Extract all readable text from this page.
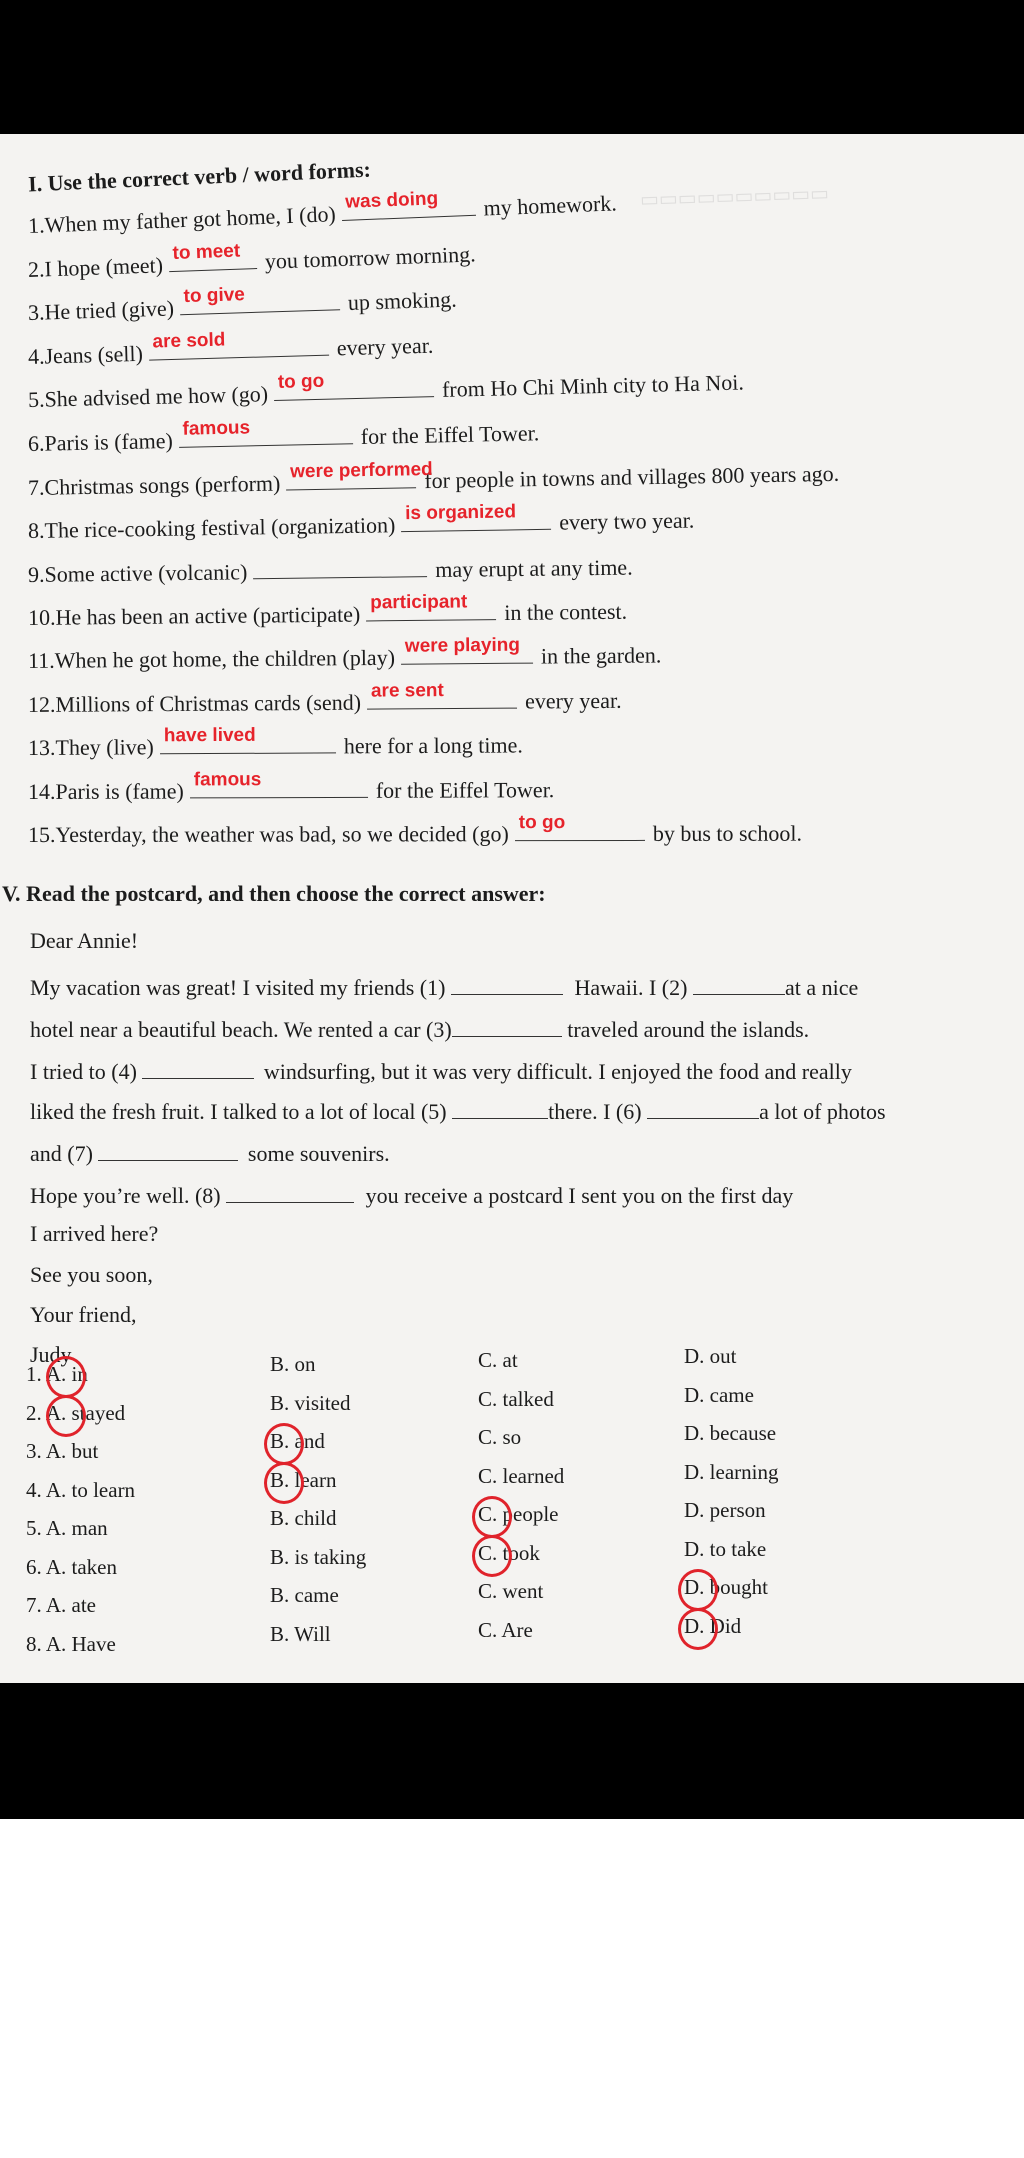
▭▭▭▭▭▭▭▭▭▭
I. Use the correct verb / word forms:
1.When my father got home, I (do)
was doing my homework.
2.I hope (meet)
to meet you tomorrow morning.
3.He tried (give) to give	up smoking.
4.Jeans (sell) are sold	every year.
5.She advised me how (go) to go	from Ho Chi Minh city to Ha Noi.
6.Paris is (fame) famous	for the Eiffel Tower.
7.Christmas songs (perform) were performed
for people in towns and villages 800 years ago.
8.The rice-cooking festival (organization) is organized every two year.
9.Some active (volcanic)	may erupt at any time.
10.He has been an active (participate) participant in the contest.
11.When he got home, the children (play) were playing in the garden.
12.Millions of Christmas cards (send) are sent	every year.
13.They (live) have lived	here for a long time.
14.Paris is (fame) famous	for the Eiffel Tower.
15.Yesterday, the weather was bad, so we decided (go) to go	by bus to school.
V. Read the postcard, and then choose the correct answer:
Dear Annie!
My vacation was great! I visited my friends (1)	Hawaii. I (2)	at a nice
hotel near a beautiful beach. We rented a car (3)	traveled around the islands.
I tried to (4)	windsurfing, but it was very difficult. I enjoyed the food and really
liked the fresh fruit. I talked to a lot of local (5)	there. I (6)	a lot of photos
and (7)	some souvenirs.
Hope you’re well. (8)	you receive a postcard I sent you on the first day
I arrived here?
See you soon,
Your friend,
Judy
1. A. in	B. on	C. at	D. out
2. A. stayed	B. visited	C. talked	D. came
3. A. but	B. and	C. so	D. because
4. A. to learn	B. learn	C. learned	D. learning
5. A. man	B. child	C. people	D. person
6. A. taken	B. is taking	C. took	D. to take
7. A. ate	B. came	C. went	D. bought
8. A. Have	B. Will	C. Are	D. Did
